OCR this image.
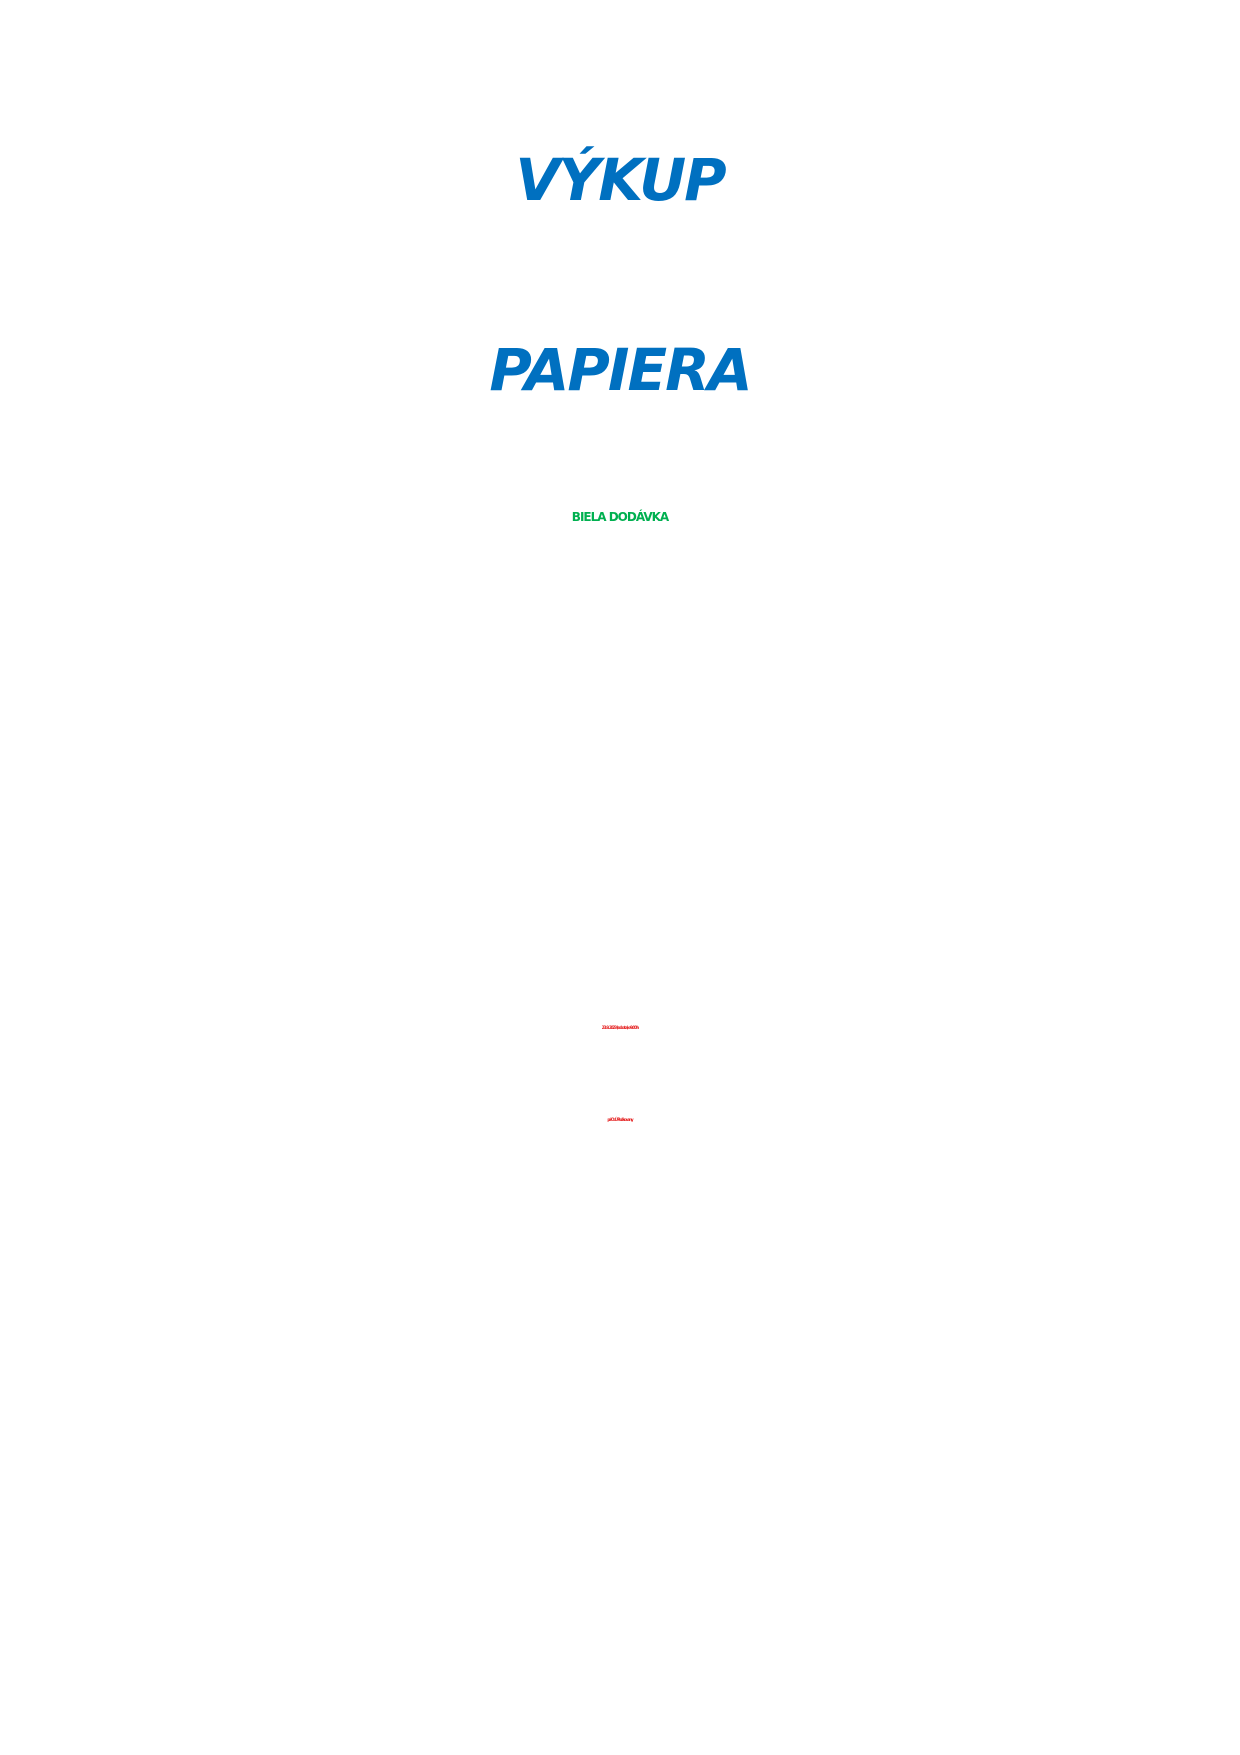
VÝKUP
PAPIERA
BIELA DODÁVKA
23. 9. 2023 (sobota) o 9:00 h
pri OcÚ Rožkovany
